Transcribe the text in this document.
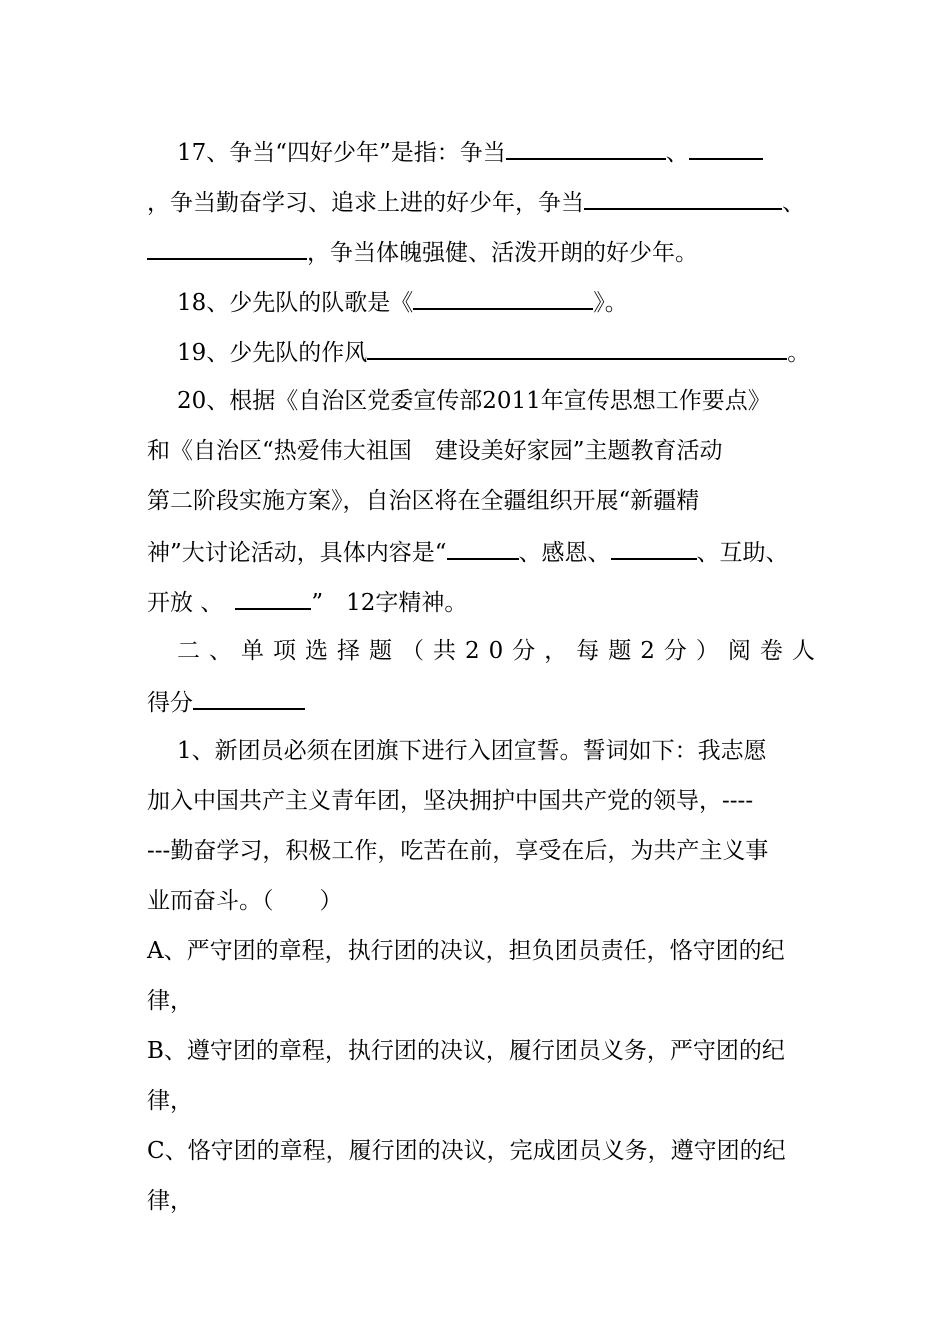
17、争当“四好少年”是指：争当	、
，争当勤奋学习、追求上进的好少年，争当	、
，争当体魄强健、活泼开朗的好少年。
18、少先队的队歌是《	》。
19、少先队的作风	。
20、根据《自治区党委宣传部2011年宣传思想工作要点》
和《自治区“热爱伟大祖国　建设美好家园”主题教育活动
第二阶段实施方案》，自治区将在全疆组织开展“新疆精
神”大讨论活动，具体内容是“	、感恩、	、互助、
开放 、	”　12字精神。
二、单项选择题（共20分，每题2分）阅卷人
得分
1、新团员必须在团旗下进行入团宣誓。誓词如下：我志愿
加入中国共产主义青年团，坚决拥护中国共产党的领导，----
---勤奋学习，积极工作，吃苦在前，享受在后，为共产主义事
业而奋斗。（　　）
A、严守团的章程，执行团的决议，担负团员责任，恪守团的纪
律，
B、遵守团的章程，执行团的决议，履行团员义务，严守团的纪
律，
C、恪守团的章程，履行团的决议，完成团员义务，遵守团的纪
律，
